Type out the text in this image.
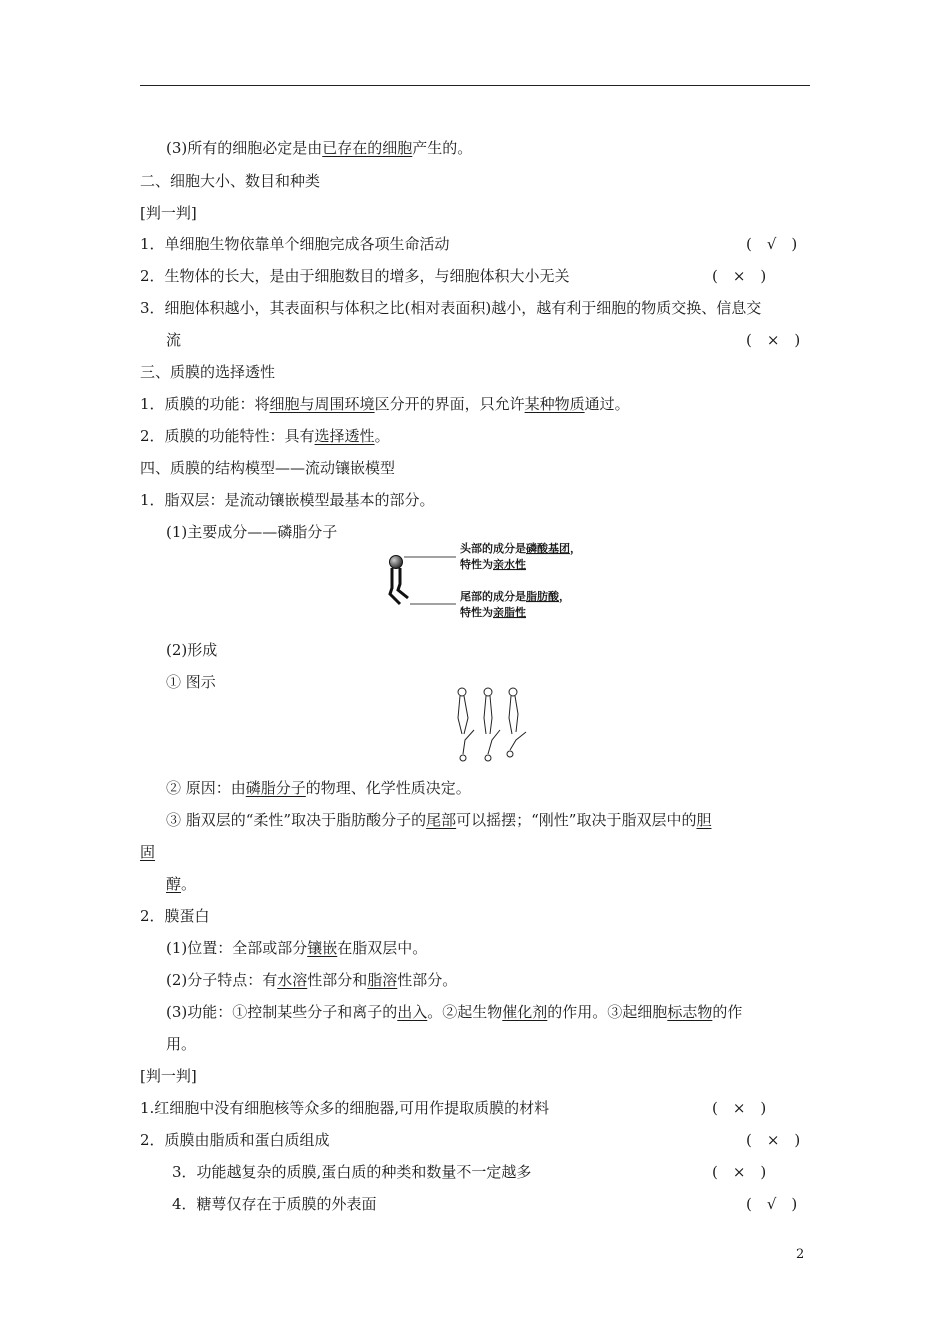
(3)所有的细胞必定是由已存在的细胞产生的。
二、细胞大小、数目和种类
[判一判]
1．单细胞生物依靠单个细胞完成各项生命活动	(　√　)
2．生物体的长大，是由于细胞数目的增多，与细胞体积大小无关	(　×　)
3．细胞体积越小，其表面积与体积之比(相对表面积)越小，越有利于细胞的物质交换、信息交
流	(　×　)
三、质膜的选择透性
1．质膜的功能：将细胞与周围环境区分开的界面，只允许某种物质通过。
2．质膜的功能特性：具有选择透性。
四、质膜的结构模型——流动镶嵌模型
1．脂双层：是流动镶嵌模型最基本的部分。
(1)主要成分——磷脂分子
头部的成分是磷酸基团，
特性为亲水性
尾部的成分是脂肪酸，
特性为亲脂性
(2)形成
① 图示
② 原因：由磷脂分子的物理、化学性质决定。
③ 脂双层的“柔性”取决于脂肪酸分子的尾部可以摇摆；“刚性”取决于脂双层中的胆
固
醇。
2．膜蛋白
(1)位置：全部或部分镶嵌在脂双层中。
(2)分子特点：有水溶性部分和脂溶性部分。
(3)功能：①控制某些分子和离子的出入。②起生物催化剂的作用。③起细胞标志物的作
用。
[判一判]
1.红细胞中没有细胞核等众多的细胞器,可用作提取质膜的材料	(　×　)
2．质膜由脂质和蛋白质组成	(　×　)
3．功能越复杂的质膜,蛋白质的种类和数量不一定越多	(　×　)
4．糖萼仅存在于质膜的外表面	(　√　)
2
